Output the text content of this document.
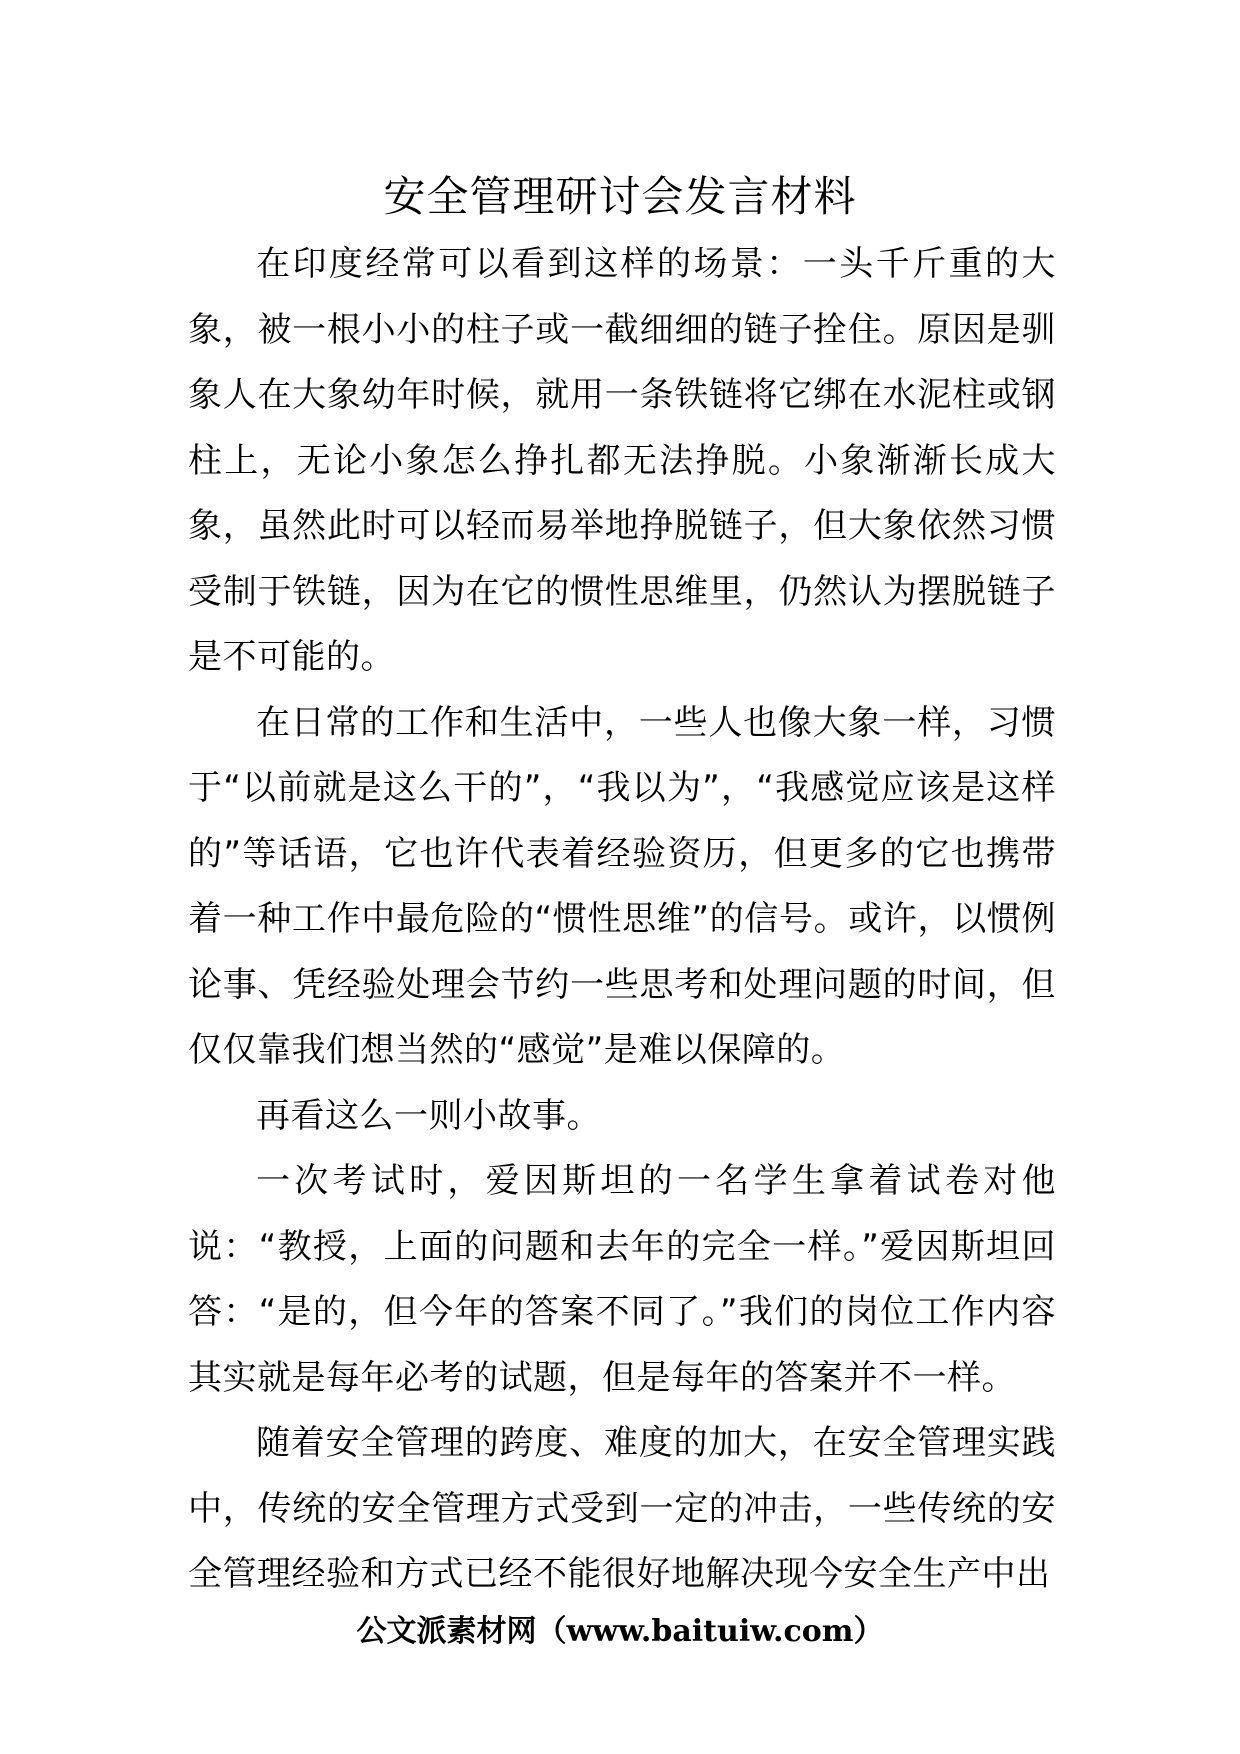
安全管理研讨会发言材料

在印度经常可以看到这样的场景：一头千斤重的大象，被一根小小的柱子或一截细细的链子拴住。原因是驯象人在大象幼年时候，就用一条铁链将它绑在水泥柱或钢柱上，无论小象怎么挣扎都无法挣脱。小象渐渐长成大象，虽然此时可以轻而易举地挣脱链子，但大象依然习惯受制于铁链，因为在它的惯性思维里，仍然认为摆脱链子是不可能的。

在日常的工作和生活中，一些人也像大象一样，习惯于“以前就是这么干的”，“我以为”，“我感觉应该是这样的”等话语，它也许代表着经验资历，但更多的它也携带着一种工作中最危险的“惯性思维”的信号。或许，以惯例论事、凭经验处理会节约一些思考和处理问题的时间，但仅仅靠我们想当然的“感觉”是难以保障的。

再看这么一则小故事。

一次考试时，爱因斯坦的一名学生拿着试卷对他说：“教授，上面的问题和去年的完全一样。”爱因斯坦回答：“是的，但今年的答案不同了。”我们的岗位工作内容其实就是每年必考的试题，但是每年的答案并不一样。

随着安全管理的跨度、难度的加大，在安全管理实践中，传统的安全管理方式受到一定的冲击，一些传统的安全管理经验和方式已经不能很好地解决现今安全生产中出

公文派素材网（www.baituiw.com）
